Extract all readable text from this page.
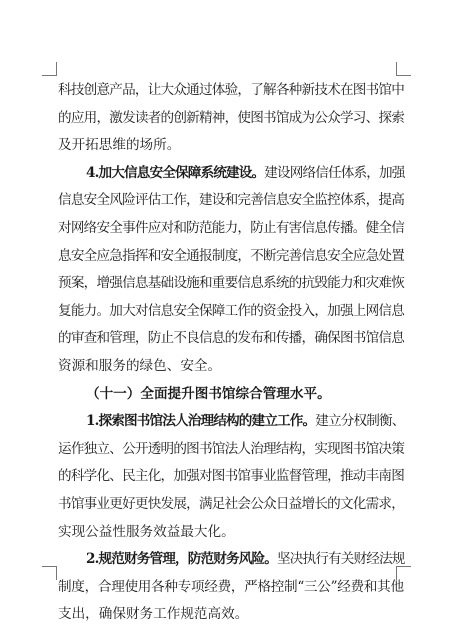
科技创意产品，让大众通过体验，了解各种新技术在图书馆中
的应用，激发读者的创新精神，使图书馆成为公众学习、探索
及开拓思维的场所。
4.加大信息安全保障系统建设。建设网络信任体系，加强
信息安全风险评估工作，建设和完善信息安全监控体系，提高
对网络安全事件应对和防范能力，防止有害信息传播。健全信
息安全应急指挥和安全通报制度，不断完善信息安全应急处置
预案，增强信息基础设施和重要信息系统的抗毁能力和灾难恢
复能力。加大对信息安全保障工作的资金投入，加强上网信息
的审查和管理，防止不良信息的发布和传播，确保图书馆信息
资源和服务的绿色、安全。
（十一）全面提升图书馆综合管理水平。
1.探索图书馆法人治理结构的建立工作。建立分权制衡、
运作独立、公开透明的图书馆法人治理结构，实现图书馆决策
的科学化、民主化，加强对图书馆事业监督管理，推动丰南图
书馆事业更好更快发展，满足社会公众日益增长的文化需求，
实现公益性服务效益最大化。
2.规范财务管理，防范财务风险。坚决执行有关财经法规
制度，合理使用各种专项经费，严格控制“三公”经费和其他
支出，确保财务工作规范高效。
